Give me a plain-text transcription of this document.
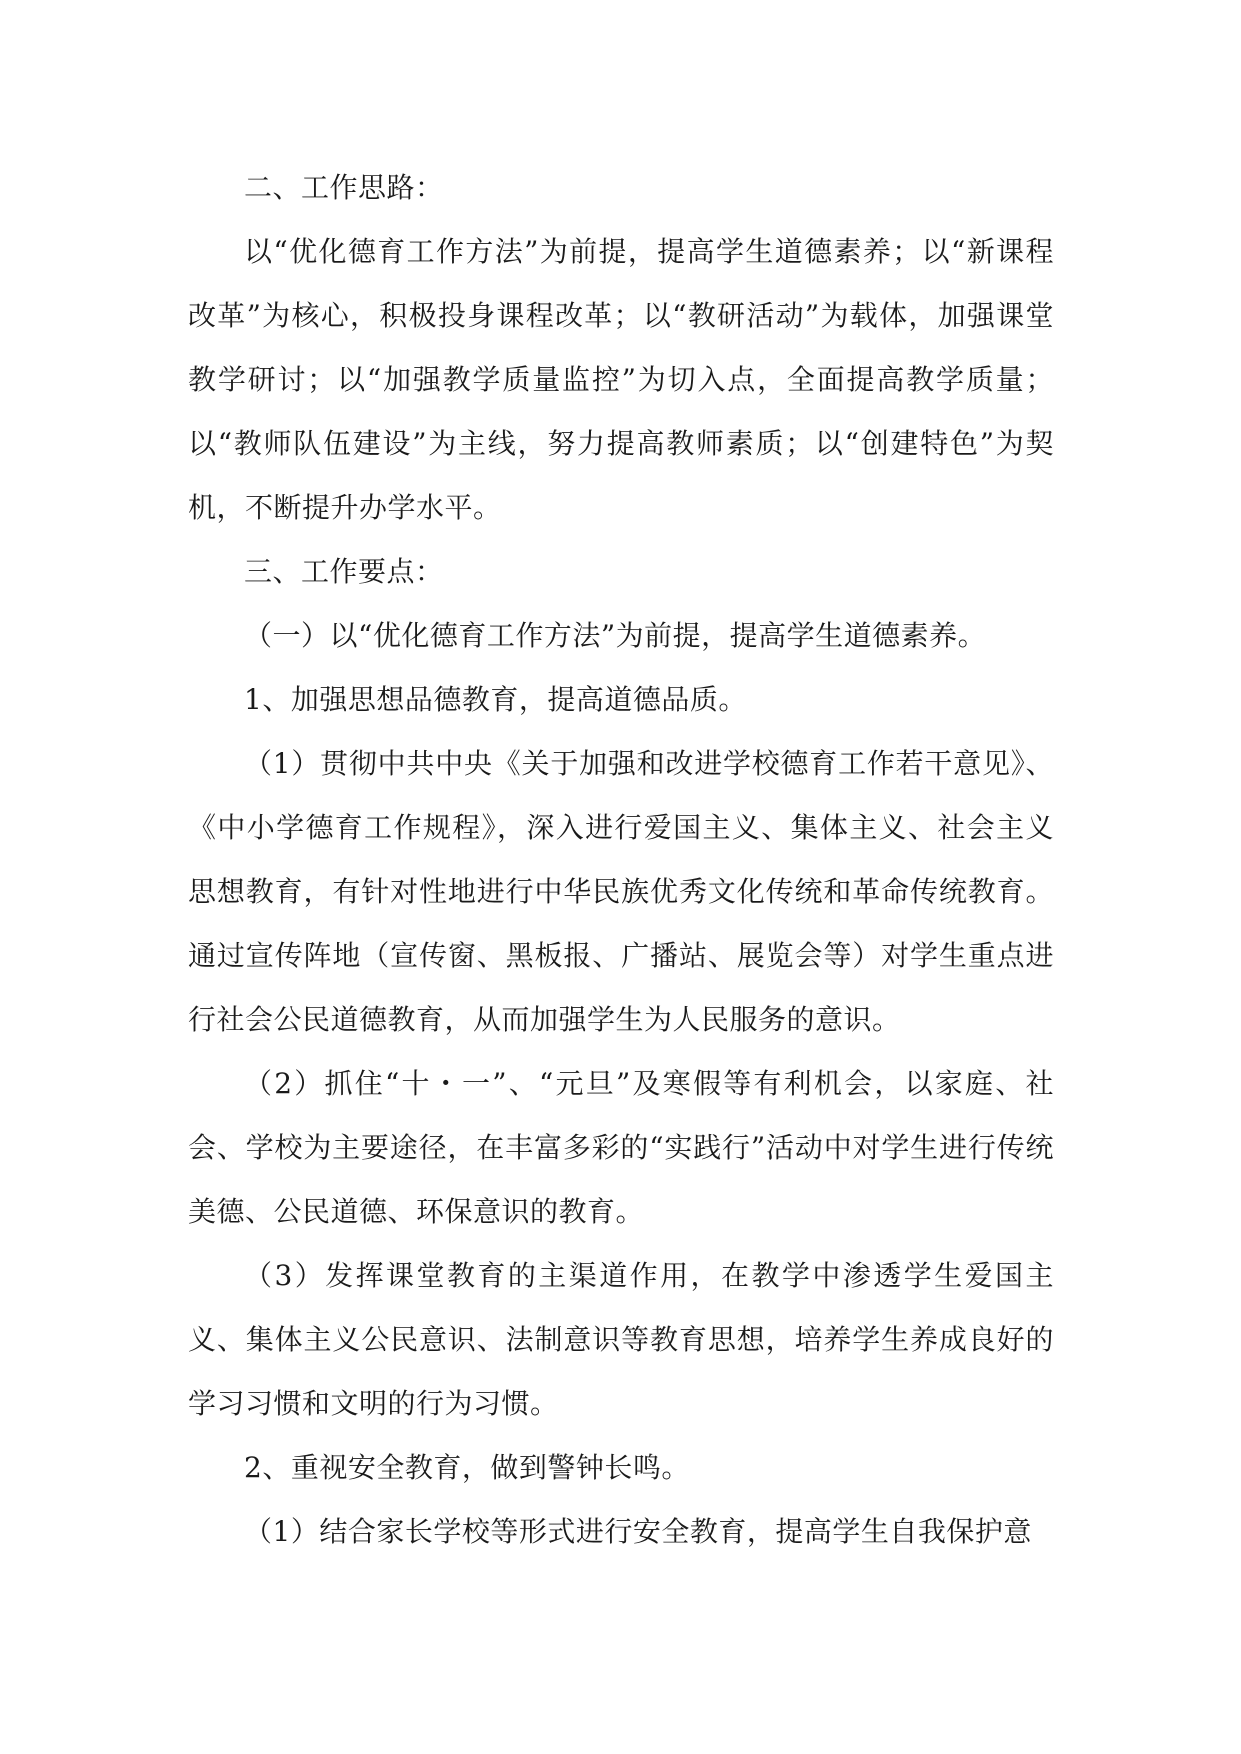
二、工作思路：

以“优化德育工作方法”为前提，提高学生道德素养；以“新课程改革”为核心，积极投身课程改革；以“教研活动”为载体，加强课堂教学研讨；以“加强教学质量监控”为切入点，全面提高教学质量；以“教师队伍建设”为主线，努力提高教师素质；以“创建特色”为契机，不断提升办学水平。

三、工作要点：

（一）以“优化德育工作方法”为前提，提高学生道德素养。

1、加强思想品德教育，提高道德品质。

（1）贯彻中共中央《关于加强和改进学校德育工作若干意见》、《中小学德育工作规程》，深入进行爱国主义、集体主义、社会主义思想教育，有针对性地进行中华民族优秀文化传统和革命传统教育。通过宣传阵地（宣传窗、黑板报、广播站、展览会等）对学生重点进行社会公民道德教育，从而加强学生为人民服务的意识。

（2）抓住“十・一”、“元旦”及寒假等有利机会，以家庭、社会、学校为主要途径，在丰富多彩的“实践行”活动中对学生进行传统美德、公民道德、环保意识的教育。

（3）发挥课堂教育的主渠道作用，在教学中渗透学生爱国主义、集体主义公民意识、法制意识等教育思想，培养学生养成良好的学习习惯和文明的行为习惯。

2、重视安全教育，做到警钟长鸣。

（1）结合家长学校等形式进行安全教育，提高学生自我保护意
